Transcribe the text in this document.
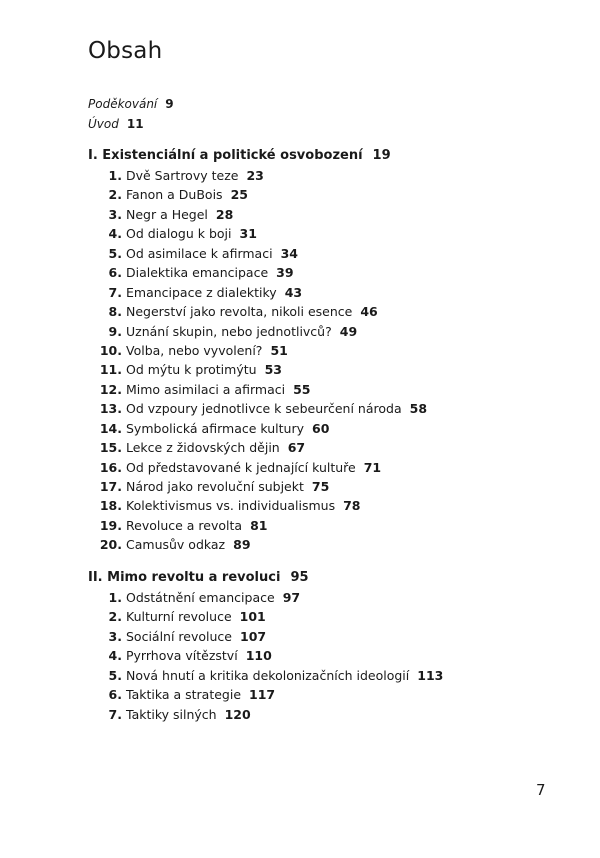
Obsah
Poděkování 9
Úvod 11
I. Existenciální a politické osvobození 19
1. Dvě Sartrovy teze 23
2. Fanon a DuBois 25
3. Negr a Hegel 28
4. Od dialogu k boji 31
5. Od asimilace k afirmaci 34
6. Dialektika emancipace 39
7. Emancipace z dialektiky 43
8. Negerství jako revolta, nikoli esence 46
9. Uznání skupin, nebo jednotlivců? 49
10. Volba, nebo vyvolení? 51
11. Od mýtu k protimýtu 53
12. Mimo asimilaci a afirmaci 55
13. Od vzpoury jednotlivce k sebeurčení národa 58
14. Symbolická afirmace kultury 60
15. Lekce z židovských dějin 67
16. Od představované k jednající kultuře 71
17. Národ jako revoluční subjekt 75
18. Kolektivismus vs. individualismus 78
19. Revoluce a revolta 81
20. Camusův odkaz 89
II. Mimo revoltu a revoluci 95
1. Odstátnění emancipace 97
2. Kulturní revoluce 101
3. Sociální revoluce 107
4. Pyrrhova vítězství 110
5. Nová hnutí a kritika dekolonizačních ideologií 113
6. Taktika a strategie 117
7. Taktiky silných 120
7
